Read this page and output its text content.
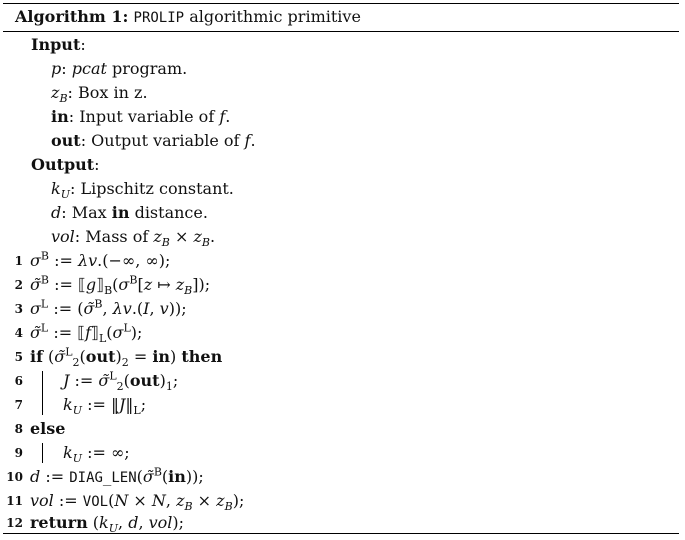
Algorithm 1: PROLIP algorithmic primitive
Input:
p: pcat program.
$z_B$: Box in z.
in: Input variable of f.
out: Output variable of f.
Output:
$k_U$: Lipschitz constant.
d: Max in distance.
vol: Mass of $z_B \times z_B$.
1 $\sigma^B$ := λv.(−∞, ∞);
2 σ̃$^B$ := $⟦g⟧_B(\sigma^B[z$ ↦ $z_B$]);
3 $\sigma^L$ := (σ̃$^B$, λv.(I, v));
4 σ̃$^L$ := $⟦f⟧_L(\sigma^L)$;
5 if $(\sigmã^L_2(out)_2 = in)$ then
6	J := $\sigmã^L_2(out)_1$;
7	$k_U$ := $‖J‖_L$;
8 else
9	$k_U$ := ∞;
10 d := DIAG_LEN(σ̃$^B$(in));
11 vol := VOL(N × N, $z_B \times z_B$);
12 return ($k_U$, d, vol);
